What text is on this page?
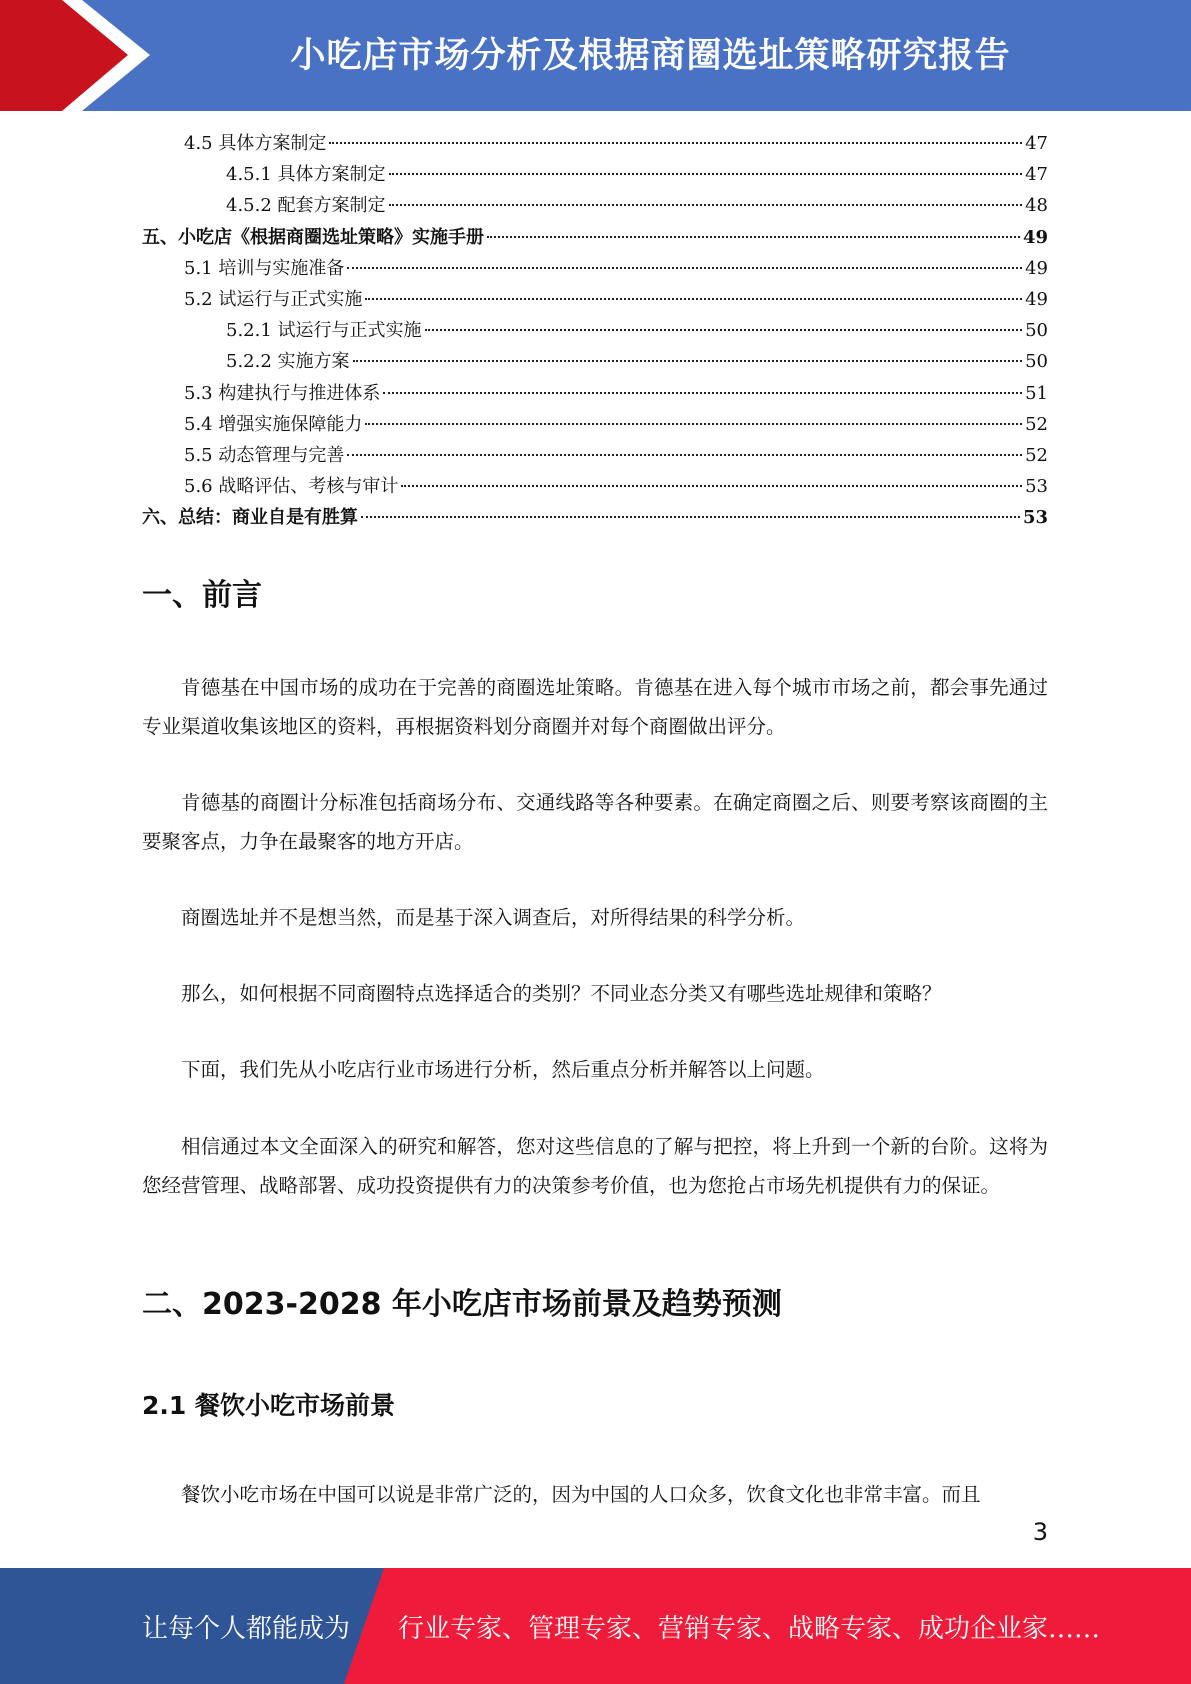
小吃店市场分析及根据商圈选址策略研究报告
4.5 具体方案制定	47
4.5.1 具体方案制定	47
4.5.2 配套方案制定	48
五、小吃店《根据商圈选址策略》实施手册	49
5.1 培训与实施准备	49
5.2 试运行与正式实施	49
5.2.1 试运行与正式实施	50
5.2.2 实施方案	50
5.3 构建执行与推进体系	51
5.4 增强实施保障能力	52
5.5 动态管理与完善	52
5.6 战略评估、考核与审计	53
六、总结：商业自是有胜算	53
一、前言
肯德基在中国市场的成功在于完善的商圈选址策略。肯德基在进入每个城市市场之前，都会事先通过专业渠道收集该地区的资料，再根据资料划分商圈并对每个商圈做出评分。
肯德基的商圈计分标准包括商场分布、交通线路等各种要素。在确定商圈之后、则要考察该商圈的主要聚客点，力争在最聚客的地方开店。
商圈选址并不是想当然，而是基于深入调查后，对所得结果的科学分析。
那么，如何根据不同商圈特点选择适合的类别？不同业态分类又有哪些选址规律和策略？
下面，我们先从小吃店行业市场进行分析，然后重点分析并解答以上问题。
相信通过本文全面深入的研究和解答，您对这些信息的了解与把控，将上升到一个新的台阶。这将为您经营管理、战略部署、成功投资提供有力的决策参考价值，也为您抢占市场先机提供有力的保证。
二、2023-2028 年小吃店市场前景及趋势预测
2.1 餐饮小吃市场前景
餐饮小吃市场在中国可以说是非常广泛的，因为中国的人口众多，饮食文化也非常丰富。而且
3
让每个人都能成为 行业专家、管理专家、营销专家、战略专家、成功企业家……
